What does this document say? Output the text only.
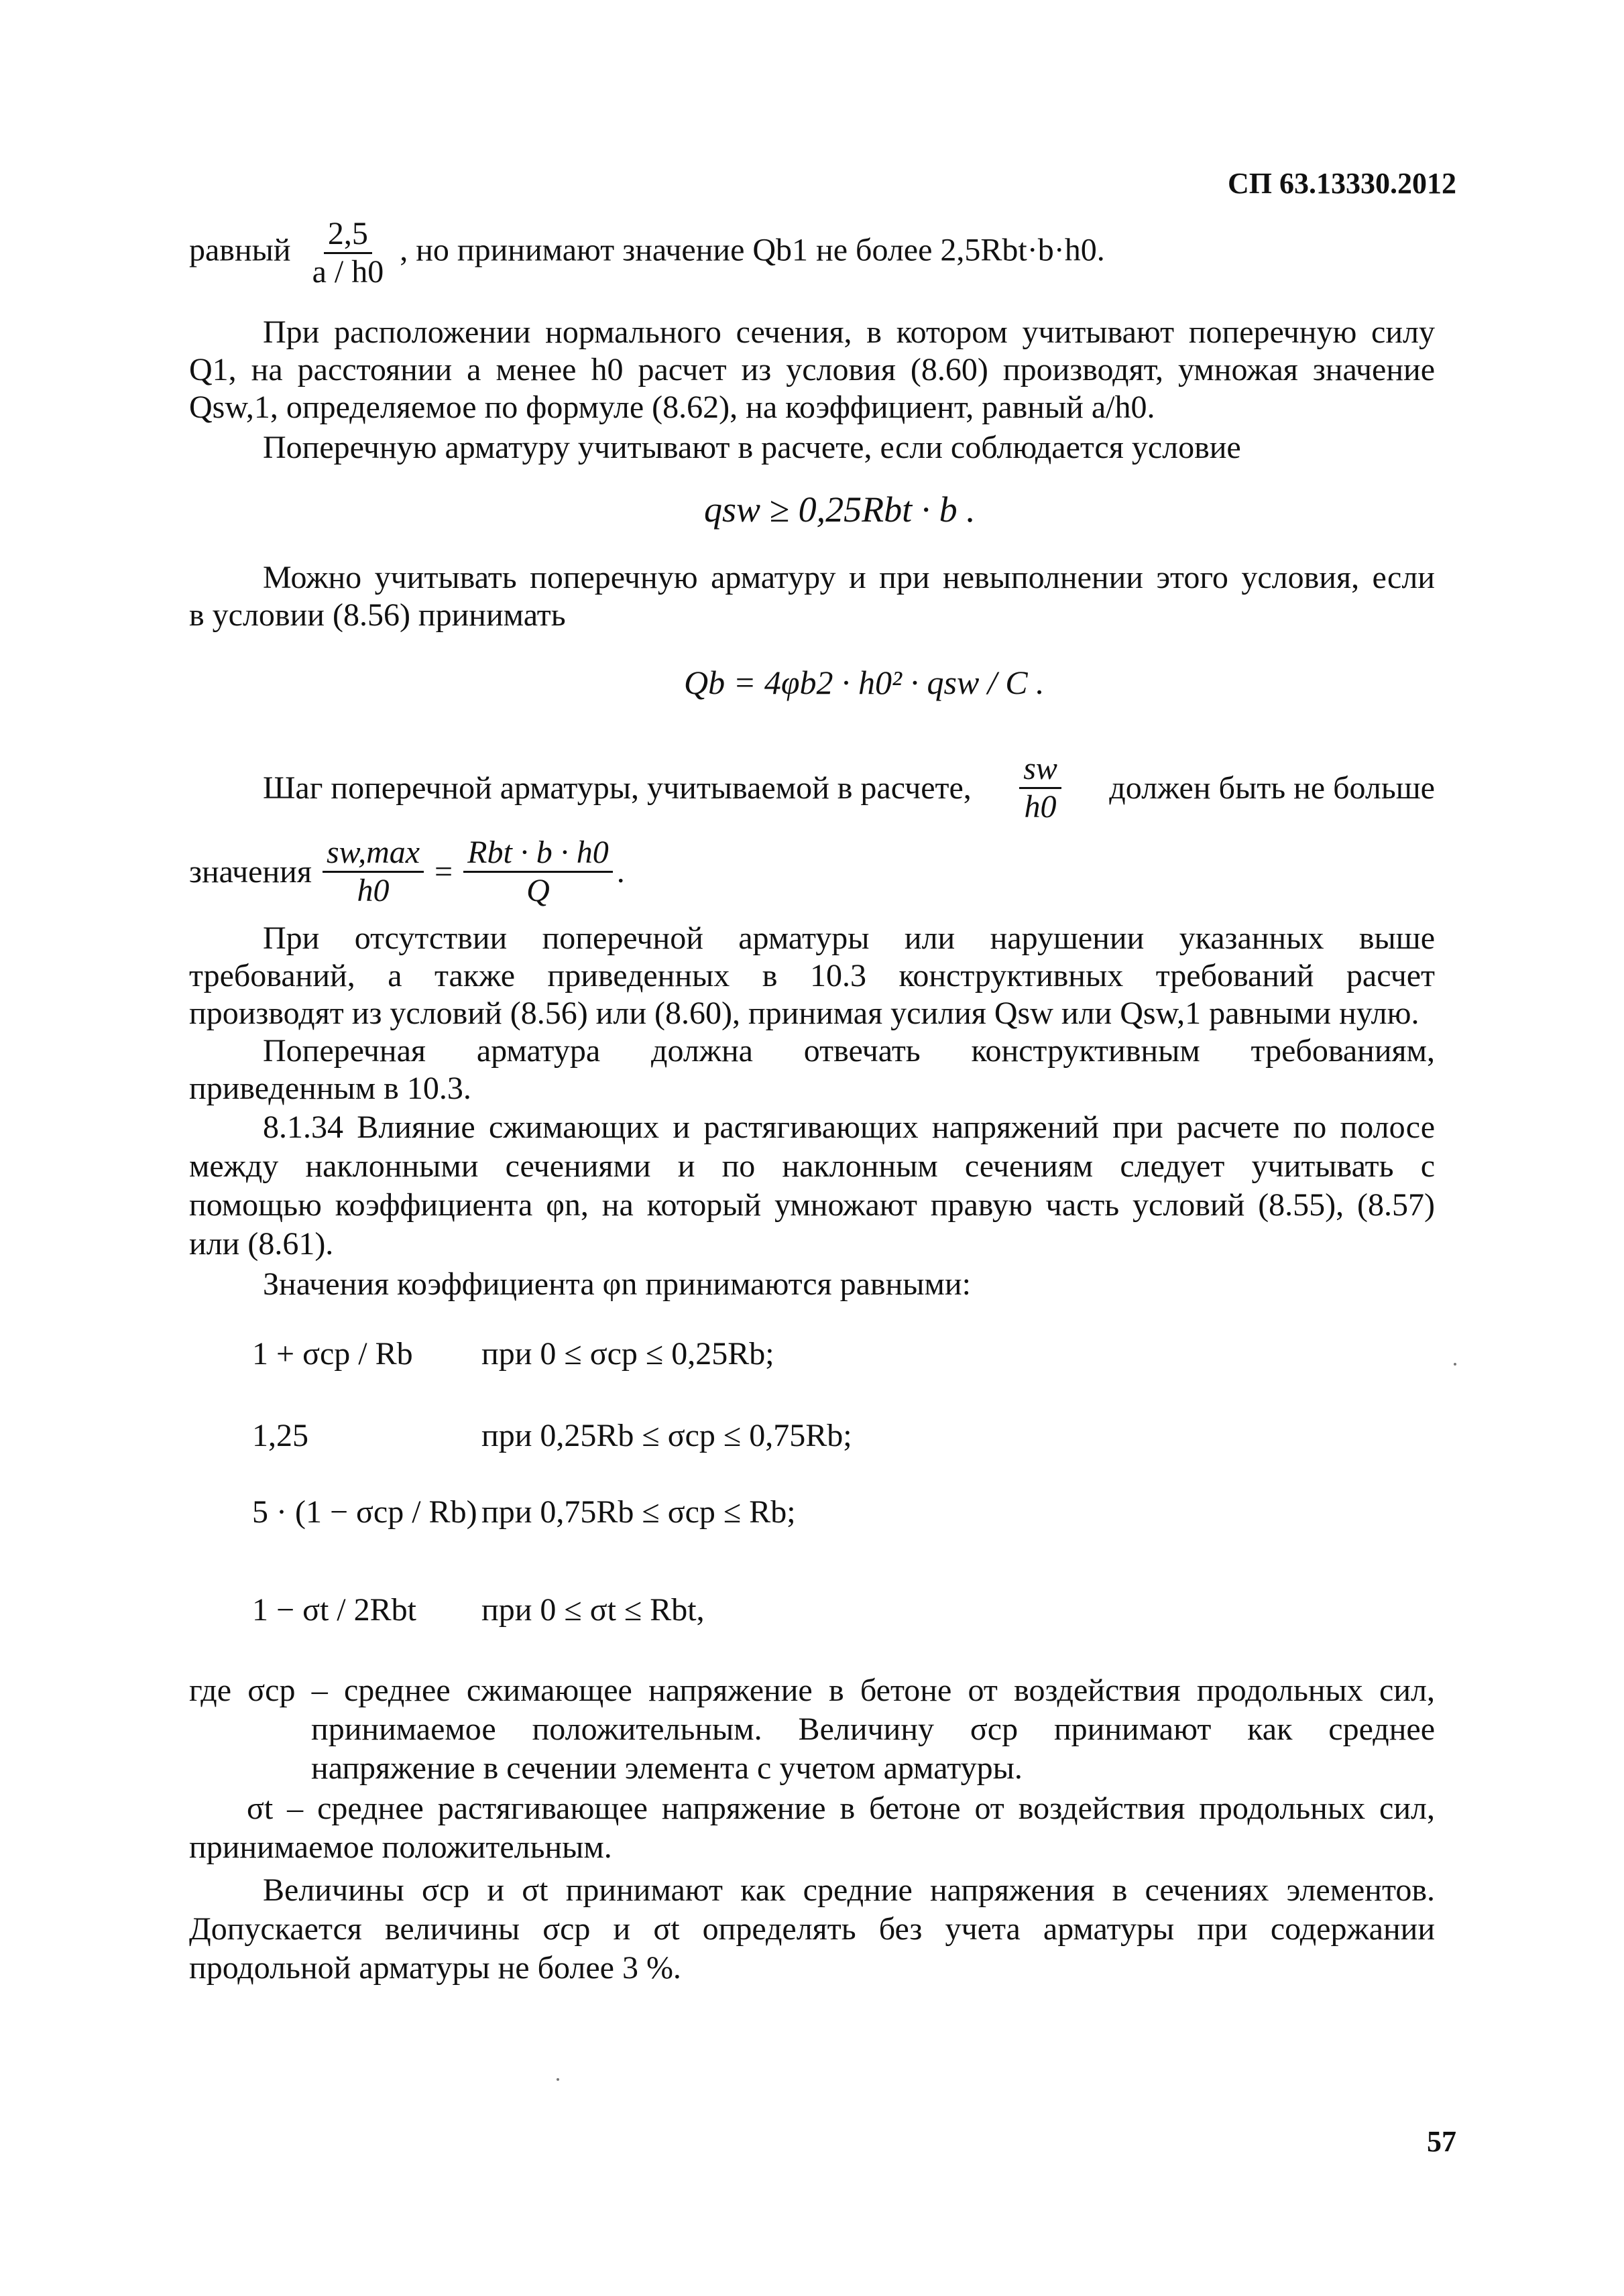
СП 63.13330.2012
равный $\frac{2,5}{a / h0}$ , но принимают значение Qb1 не более 2,5Rbt·b·h0.
При расположении нормального сечения, в котором учитывают поперечную силу
Q1, на расстоянии a менее h0 расчет из условия (8.60) производят, умножая значение
Qsw,1, определяемое по формуле (8.62), на коэффициент, равный a/h0.
Поперечную арматуру учитывают в расчете, если соблюдается условие
qsw ≥ 0,25Rbt · b .
Можно учитывать поперечную арматуру и при невыполнении этого условия, если
в условии (8.56) принимать
Qb = 4φb2 · h0² · qsw / C .
Шаг поперечной арматуры, учитываемой в расчете, $\frac{sw}{h0}$ должен быть не больше
значения $\frac{sw,\max}{h0} = \frac{\text{Rbt · b · h0}}{Q}$ .
При отсутствии поперечной арматуры или нарушении указанных выше
требований, а также приведенных в 10.3 конструктивных требований расчет
производят из условий (8.56) или (8.60), принимая усилия Qsw или Qsw,1 равными нулю.
Поперечная арматура должна отвечать конструктивным требованиям,
приведенным в 10.3.
8.1.34 Влияние сжимающих и растягивающих напряжений при расчете по полосе
между наклонными сечениями и по наклонным сечениям следует учитывать с
помощью коэффициента φn, на который умножают правую часть условий (8.55), (8.57)
или (8.61).
Значения коэффициента φn принимаются равными:
1 + σcp / Rb при 0 ≤ σcp ≤ 0,25Rb;
1,25	при 0,25Rb ≤ σcp ≤ 0,75Rb;
5 · (1 − σcp / Rb) при 0,75Rb ≤ σcp ≤ Rb;
1 − σt / 2Rbt при 0 ≤ σt ≤ Rbt,
где σcp – среднее сжимающее напряжение в бетоне от воздействия продольных сил,
принимаемое положительным. Величину σcp принимают как среднее
напряжение в сечении элемента с учетом арматуры.
σt – среднее растягивающее напряжение в бетоне от воздействия продольных сил,
принимаемое положительным.
Величины σcp и σt принимают как средние напряжения в сечениях элементов.
Допускается величины σcp и σt определять без учета арматуры при содержании
продольной арматуры не более 3 %.
57
